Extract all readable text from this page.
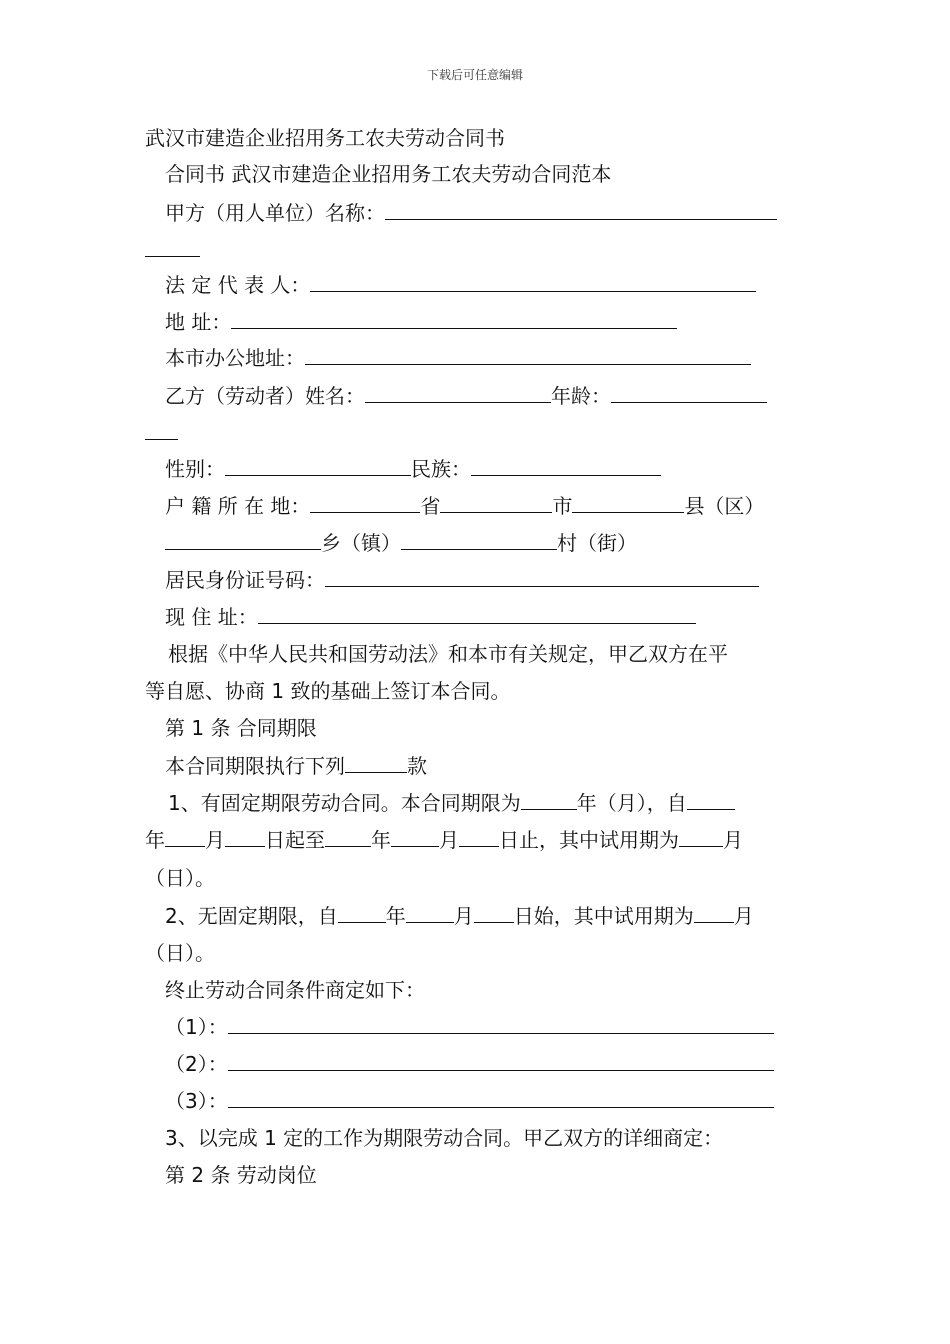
下载后可任意编辑
武汉市建造企业招用务工农夫劳动合同书
合同书 武汉市建造企业招用务工农夫劳动合同范本
甲方（用人单位）名称：
法 定 代 表 人：
地 址：
本市办公地址：
乙方（劳动者）姓名：	年龄：
性别：	民族：
户 籍 所 在 地：	省	市	县（区）
乡（镇）	村（街）
居民身份证号码：
现 住 址：
根据《中华人民共和国劳动法》和本市有关规定，甲乙双方在平
等自愿、协商 1 致的基础上签订本合同。
第 1 条 合同期限
本合同期限执行下列	款
1、有固定期限劳动合同。本合同期限为	年（月），自
年 月 日起至 年 月 日止，其中试用期为 月
（日）。
2、无固定期限，自 年 月 日始，其中试用期为 月
（日）。
终止劳动合同条件商定如下：
（1）：
（2）：
（3）：
3、以完成 1 定的工作为期限劳动合同。甲乙双方的详细商定：
第 2 条 劳动岗位
